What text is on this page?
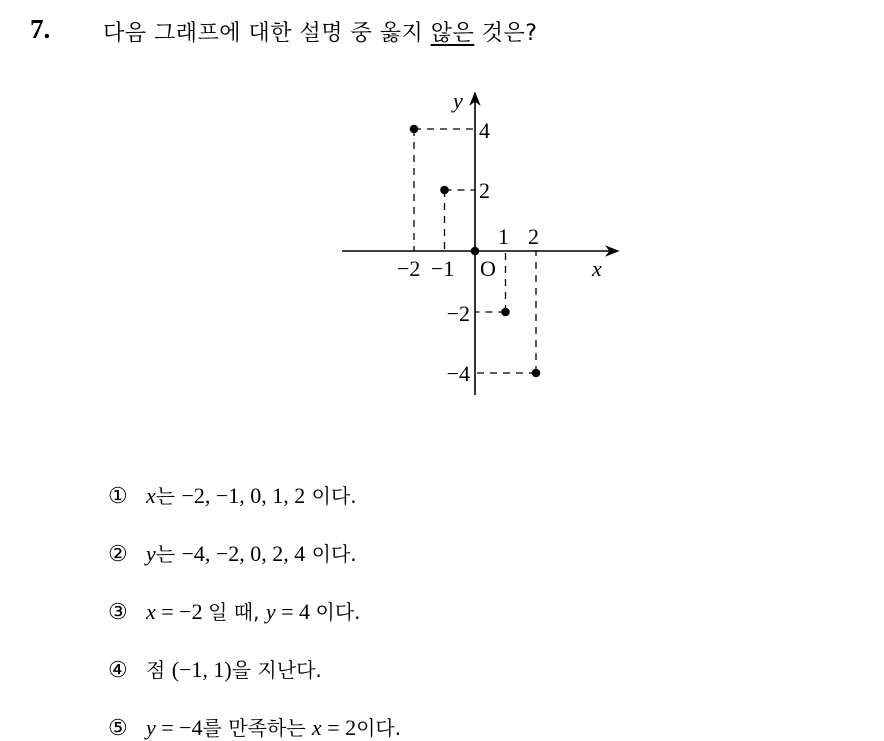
7. 다음 그래프에 대한 설명 중 옳지 않은 것은?
y
x
O
−2 −1
1 2
4
2
−2
−4
① x는 −2, −1, 0, 1, 2 이다.
② y는 −4, −2, 0, 2, 4 이다.
③ x = −2 일 때, y = 4 이다.
④ 점 (−1, 1)을 지난다.
⑤ y = −4를 만족하는 x = 2이다.
